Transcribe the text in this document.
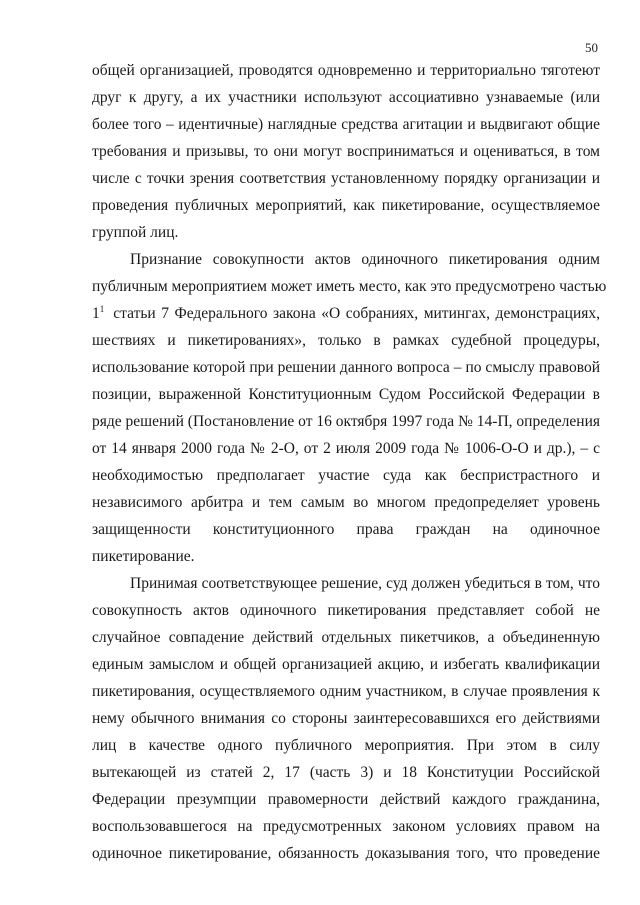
50
общей организацией, проводятся одновременно и территориально тяготеют
друг к другу, а их участники используют ассоциативно узнаваемые (или
более того – идентичные) наглядные средства агитации и выдвигают общие
требования и призывы, то они могут восприниматься и оцениваться, в том
числе с точки зрения соответствия установленному порядку организации и
проведения публичных мероприятий, как пикетирование, осуществляемое
группой лиц.
Признание совокупности актов одиночного пикетирования одним
публичным мероприятием может иметь место, как это предусмотрено частью
$1^1$ статьи 7 Федерального закона «О собраниях, митингах, демонстрациях,
шествиях и пикетированиях», только в рамках судебной процедуры,
использование которой при решении данного вопроса – по смыслу правовой
позиции, выраженной Конституционным Судом Российской Федерации в
ряде решений (Постановление от 16 октября 1997 года № 14-П, определения
от 14 января 2000 года № 2-О, от 2 июля 2009 года № 1006-О-О и др.), – с
необходимостью предполагает участие суда как беспристрастного и
независимого арбитра и тем самым во многом предопределяет уровень
защищенности конституционного права граждан на одиночное
пикетирование.
Принимая соответствующее решение, суд должен убедиться в том, что
совокупность актов одиночного пикетирования представляет собой не
случайное совпадение действий отдельных пикетчиков, а объединенную
единым замыслом и общей организацией акцию, и избегать квалификации
пикетирования, осуществляемого одним участником, в случае проявления к
нему обычного внимания со стороны заинтересовавшихся его действиями
лиц в качестве одного публичного мероприятия. При этом в силу
вытекающей из статей 2, 17 (часть 3) и 18 Конституции Российской
Федерации презумпции правомерности действий каждого гражданина,
воспользовавшегося на предусмотренных законом условиях правом на
одиночное пикетирование, обязанность доказывания того, что проведение
